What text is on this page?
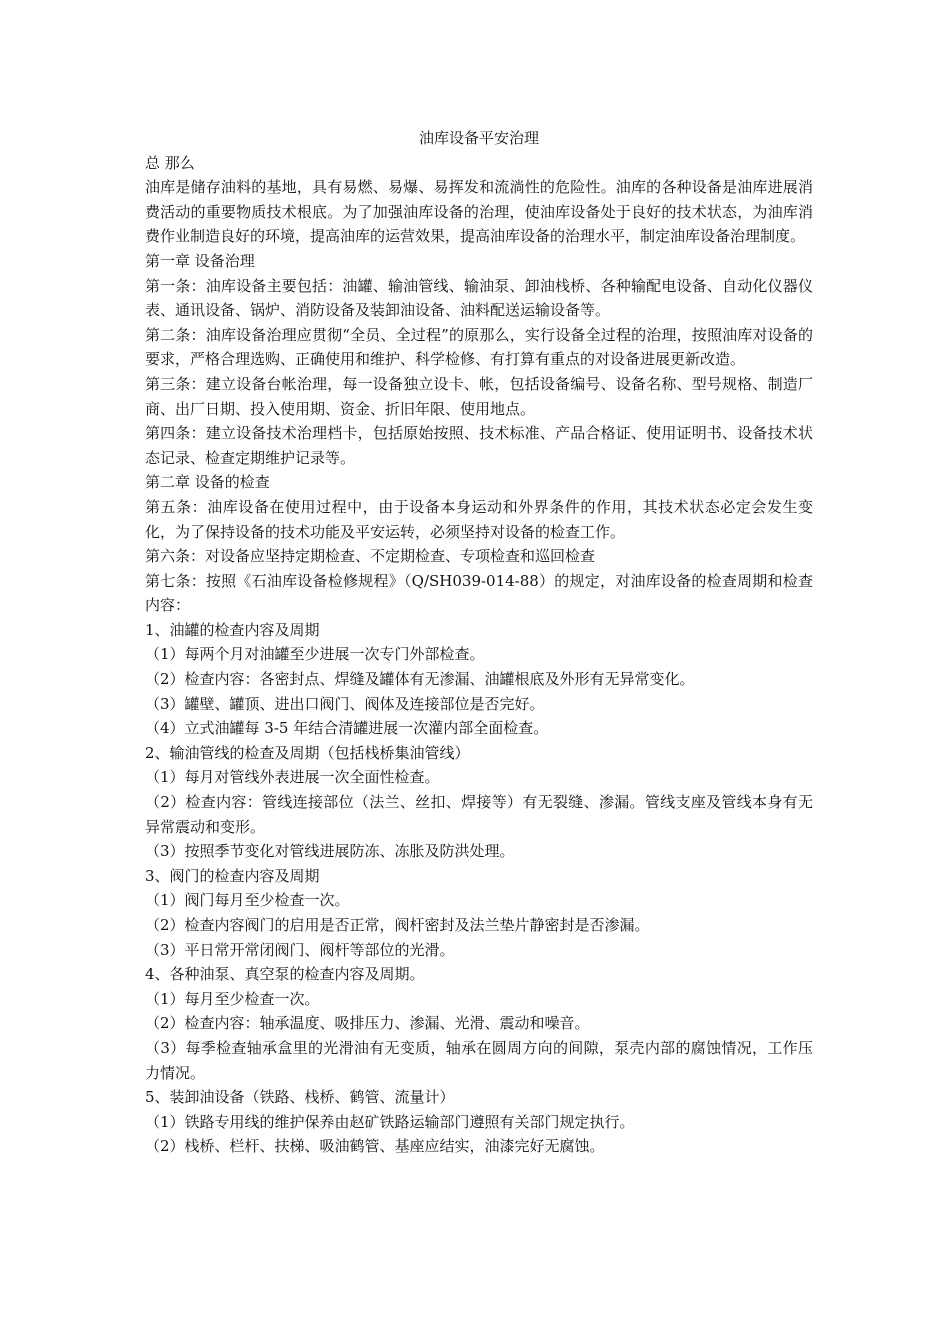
油库设备平安治理
总 那么
油库是储存油料的基地，具有易燃、易爆、易挥发和流淌性的危险性。油库的各种设备是油库进展消费活动的重要物质技术根底。为了加强油库设备的治理，使油库设备处于良好的技术状态，为油库消费作业制造良好的环境，提高油库的运营效果，提高油库设备的治理水平，制定油库设备治理制度。
第一章 设备治理
第一条：油库设备主要包括：油罐、输油管线、输油泵、卸油栈桥、各种输配电设备、自动化仪器仪表、通讯设备、锅炉、消防设备及装卸油设备、油料配送运输设备等。
第二条：油库设备治理应贯彻“全员、全过程”的原那么，实行设备全过程的治理，按照油库对设备的要求，严格合理选购、正确使用和维护、科学检修、有打算有重点的对设备进展更新改造。
第三条：建立设备台帐治理，每一设备独立设卡、帐，包括设备编号、设备名称、型号规格、制造厂商、出厂日期、投入使用期、资金、折旧年限、使用地点。
第四条：建立设备技术治理档卡，包括原始按照、技术标准、产品合格证、使用证明书、设备技术状态记录、检查定期维护记录等。
第二章 设备的检查
第五条：油库设备在使用过程中，由于设备本身运动和外界条件的作用，其技术状态必定会发生变化，为了保持设备的技术功能及平安运转，必须坚持对设备的检查工作。
第六条：对设备应坚持定期检查、不定期检查、专项检查和巡回检查
第七条：按照《石油库设备检修规程》（Q/SH039-014-88）的规定，对油库设备的检查周期和检查内容：
1、油罐的检查内容及周期
（1）每两个月对油罐至少进展一次专门外部检查。
（2）检查内容：各密封点、焊缝及罐体有无渗漏、油罐根底及外形有无异常变化。
（3）罐壁、罐顶、进出口阀门、阀体及连接部位是否完好。
（4）立式油罐每 3-5 年结合清罐进展一次灌内部全面检查。
2、输油管线的检查及周期（包括栈桥集油管线）
（1）每月对管线外表进展一次全面性检查。
（2）检查内容：管线连接部位（法兰、丝扣、焊接等）有无裂缝、渗漏。管线支座及管线本身有无异常震动和变形。
（3）按照季节变化对管线进展防冻、冻胀及防洪处理。
3、阀门的检查内容及周期
（1）阀门每月至少检查一次。
（2）检查内容阀门的启用是否正常，阀杆密封及法兰垫片静密封是否渗漏。
（3）平日常开常闭阀门、阀杆等部位的光滑。
4、各种油泵、真空泵的检查内容及周期。
（1）每月至少检查一次。
（2）检查内容：轴承温度、吸排压力、渗漏、光滑、震动和噪音。
（3）每季检查轴承盒里的光滑油有无变质，轴承在圆周方向的间隙，泵壳内部的腐蚀情况，工作压力情况。
5、装卸油设备（铁路、栈桥、鹤管、流量计）
（1）铁路专用线的维护保养由赵矿铁路运输部门遵照有关部门规定执行。
（2）栈桥、栏杆、扶梯、吸油鹤管、基座应结实，油漆完好无腐蚀。
